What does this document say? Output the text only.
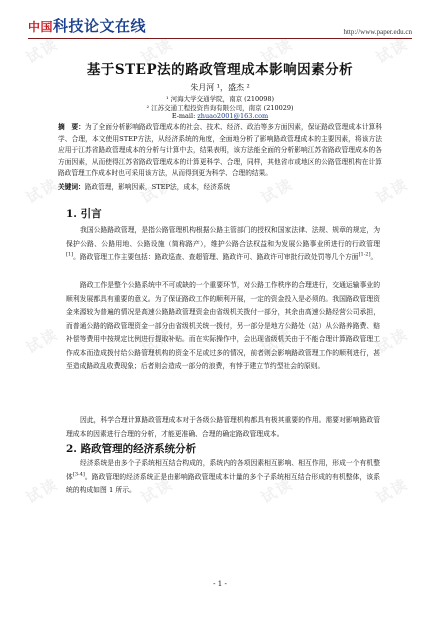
试读	试读	试读	试读
试读	试读	试读	试读
试读	试读	试读	试读
试读	试读	试读	试读
中国 科技论文在线	http://www.paper.edu.cn
基于STEP法的路政管理成本影响因素分析
朱月河 ¹，盛杰 ²
¹ 河海大学交通学院，南京 (210098)
² 江苏交通工程投资咨询有限公司，南京 (210029)
E-mail: zhuao2001@163.com
摘　要：为了全面分析影响路政管理成本的社会、技术、经济、政治等多方面因素，保证路政管理成本计算科学、合理，本文使用STEP方法，从经济系统的角度，全面地分析了影响路政管理成本的主要因素，将该方法应用于江苏省路政管理成本的分析与计算中去，结果表明，该方法能全面的分析影响江苏省路政管理成本的各方面因素，从而使得江苏省路政管理成本的计算更科学、合理，同样，其他省市或地区的公路管理机构在计算路政管理工作成本时也可采用该方法，从而得到更为科学、合理的结果。
关键词：路政管理，影响因素，STEP法，成本，经济系统
1. 引言
我国公路路政管理，是指公路管理机构根据公路主管部门的授权和国家法律、法规、规章的规定，为保护公路、公路用地、公路设施（简称路产），维护公路合法权益和为发展公路事业所进行的行政管理[1]。路政管理工作主要包括：路政巡查、查超管理、路政许可、路政许可审批行政处罚等几个方面[1-2]。
路政工作是整个公路系统中不可或缺的一个重要环节，对公路工作秩序的合理进行，交通运输事业的顺利发展都具有重要的意义。为了保证路政工作的顺利开展，一定的资金投入是必须的。我国路政管理资金来源较为普遍的情况是高速公路路政管理资金由省级机关拨付一部分，其余由高速公路经营公司承担，而普通公路的路政管理资金一部分由省级机关统一拨付，另一部分是地方公路处（站）从公路养路费、赔补偿等费用中按规定比例进行提取补贴。而在实际操作中，会出现省级机关由于不能合理计算路政管理工作成本而造成拨付给公路管理机构的资金不足或过多的情况，前者则会影响路政管理工作的顺利进行，甚至造成路政乱收费现象；后者则会造成一部分的浪费，有悖于建立节约型社会的原则。
因此，科学合理计算路政管理成本对于各级公路管理机构都具有极其重要的作用。需要对影响路政管理成本的因素进行合理的分析，才能更准确、合理的确定路政管理成本。
2. 路政管理的经济系统分析
经济系统是由多个子系统相互结合构成的，系统内的各项因素相互影响、相互作用，形成一个有机整体[3-4]。路政管理的经济系统正是由影响路政管理成本计量的多个子系统相互结合形成的有机整体，该系统的构成如图 1 所示。
- 1 -
